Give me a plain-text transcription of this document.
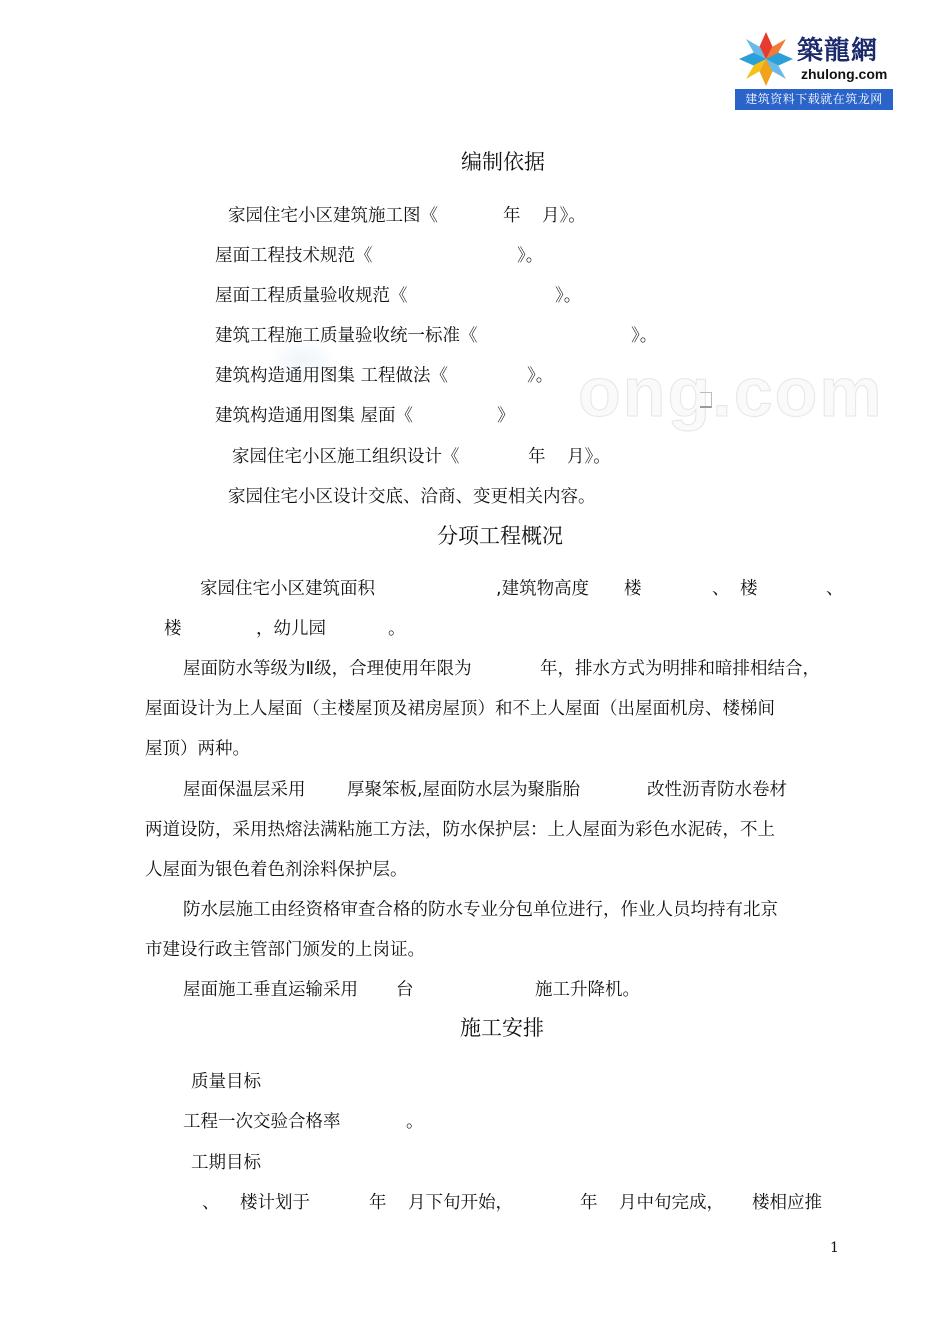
ong.com
築龍網
zhulong.com
建筑资料下载就在筑龙网
编制依据
家园住宅小区建筑施工图《	年 月》。
屋面工程技术规范《	》。
屋面工程质量验收规范《	》。
建筑工程施工质量验收统一标准《	》。
建筑构造通用图集 工程做法《	》。
建筑构造通用图集 屋面《	》
家园住宅小区施工组织设计《	年 月》。
家园住宅小区设计交底、洽商、变更相关内容。
分项工程概况
家园住宅小区建筑面积	,建筑物高度 楼	、 楼	、
楼	，幼儿园	。
屋面防水等级为Ⅱ级，合理使用年限为	年，排水方式为明排和暗排相结合，
屋面设计为上人屋面（主楼屋顶及裙房屋顶）和不上人屋面（出屋面机房、楼梯间
屋顶）两种。
屋面保温层采用 厚聚笨板,屋面防水层为聚脂胎	改性沥青防水卷材
两道设防，采用热熔法满粘施工方法，防水保护层：上人屋面为彩色水泥砖，不上
人屋面为银色着色剂涂料保护层。
防水层施工由经资格审查合格的防水专业分包单位进行，作业人员均持有北京
市建设行政主管部门颁发的上岗证。
屋面施工垂直运输采用 台	施工升降机。
施工安排
质量目标
工程一次交验合格率	。
工期目标
、 楼计划于	年 月下旬开始，	年 月中旬完成， 楼相应推
1
